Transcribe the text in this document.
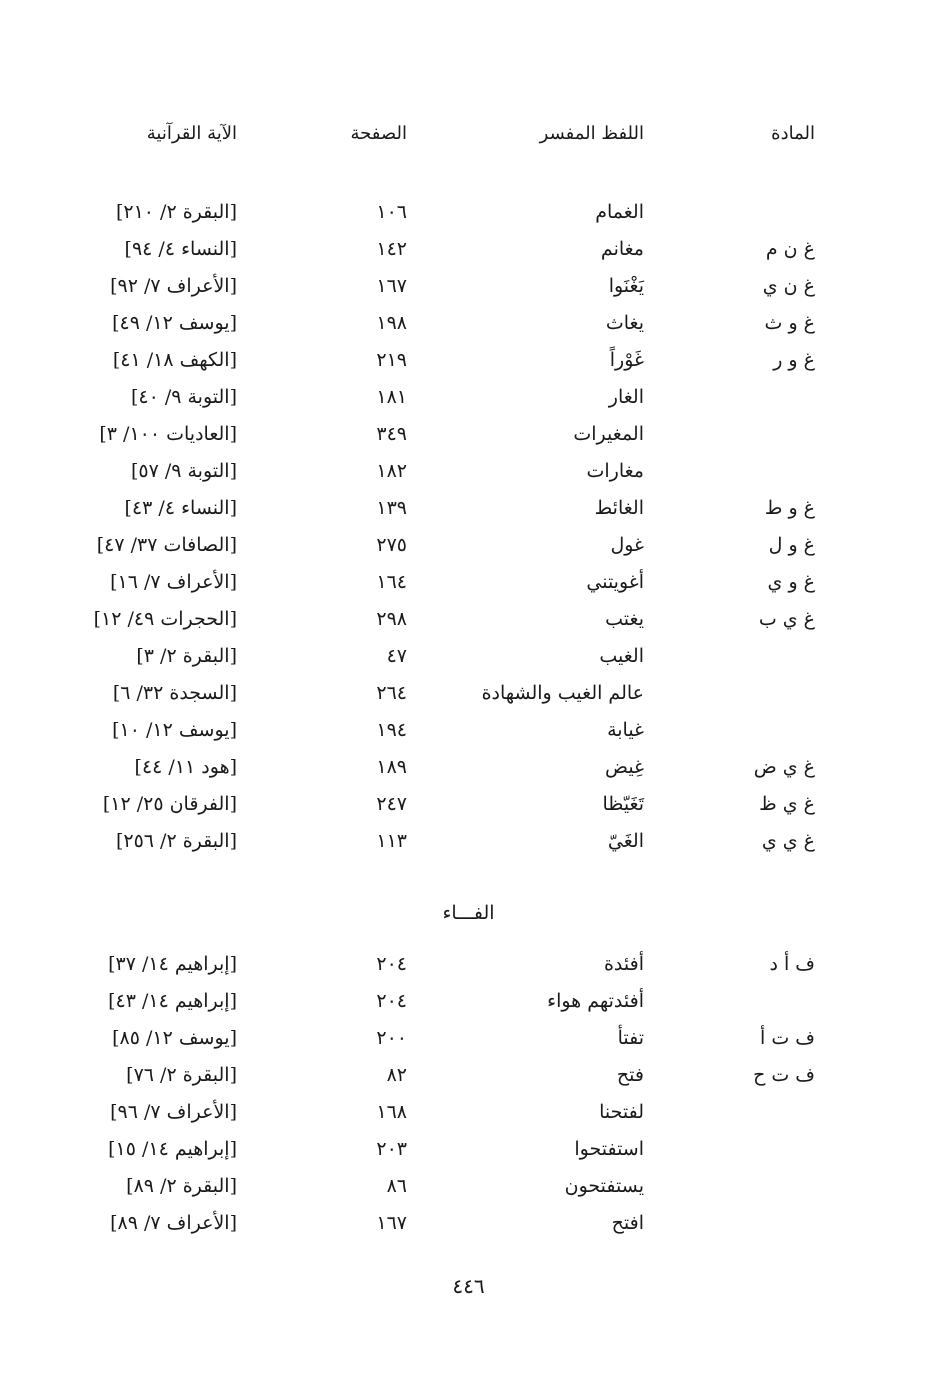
المادة
اللفظ المفسر
الصفحة
الآية القرآنية
الغمام
١٠٦
[البقرة ٢/ ٢١٠]
غ ن م
مغانم
١٤٢
[النساء ٤/ ٩٤]
غ ن ي
يَغْنَوا
١٦٧
[الأعراف ٧/ ٩٢]
غ و ث
يغاث
١٩٨
[يوسف ١٢/ ٤٩]
غ و ر
غَوْراً
٢١٩
[الكهف ١٨/ ٤١]
الغار
١٨١
[التوبة ٩/ ٤٠]
المغيرات
٣٤٩
[العاديات ١٠٠/ ٣]
مغارات
١٨٢
[التوبة ٩/ ٥٧]
غ و ط
الغائط
١٣٩
[النساء ٤/ ٤٣]
غ و ل
غول
٢٧٥
[الصافات ٣٧/ ٤٧]
غ و ي
أغويتني
١٦٤
[الأعراف ٧/ ١٦]
غ ي ب
يغتب
٢٩٨
[الحجرات ٤٩/ ١٢]
الغيب
٤٧
[البقرة ٢/ ٣]
عالم الغيب والشهادة
٢٦٤
[السجدة ٣٢/ ٦]
غيابة
١٩٤
[يوسف ١٢/ ١٠]
غ ي ض
غِيض
١٨٩
[هود ١١/ ٤٤]
غ ي ظ
تَغَيّظا
٢٤٧
[الفرقان ٢٥/ ١٢]
غ ي ي
الغَيّ
١١٣
[البقرة ٢/ ٢٥٦]
الفـــاء
ف أ د
أفئدة
٢٠٤
[إبراهيم ١٤/ ٣٧]
أفئدتهم هواء
٢٠٤
[إبراهيم ١٤/ ٤٣]
ف ت أ
تفتأ
٢٠٠
[يوسف ١٢/ ٨٥]
ف ت ح
فتح
٨٢
[البقرة ٢/ ٧٦]
لفتحنا
١٦٨
[الأعراف ٧/ ٩٦]
استفتحوا
٢٠٣
[إبراهيم ١٤/ ١٥]
يستفتحون
٨٦
[البقرة ٢/ ٨٩]
افتح
١٦٧
[الأعراف ٧/ ٨٩]
٤٤٦
